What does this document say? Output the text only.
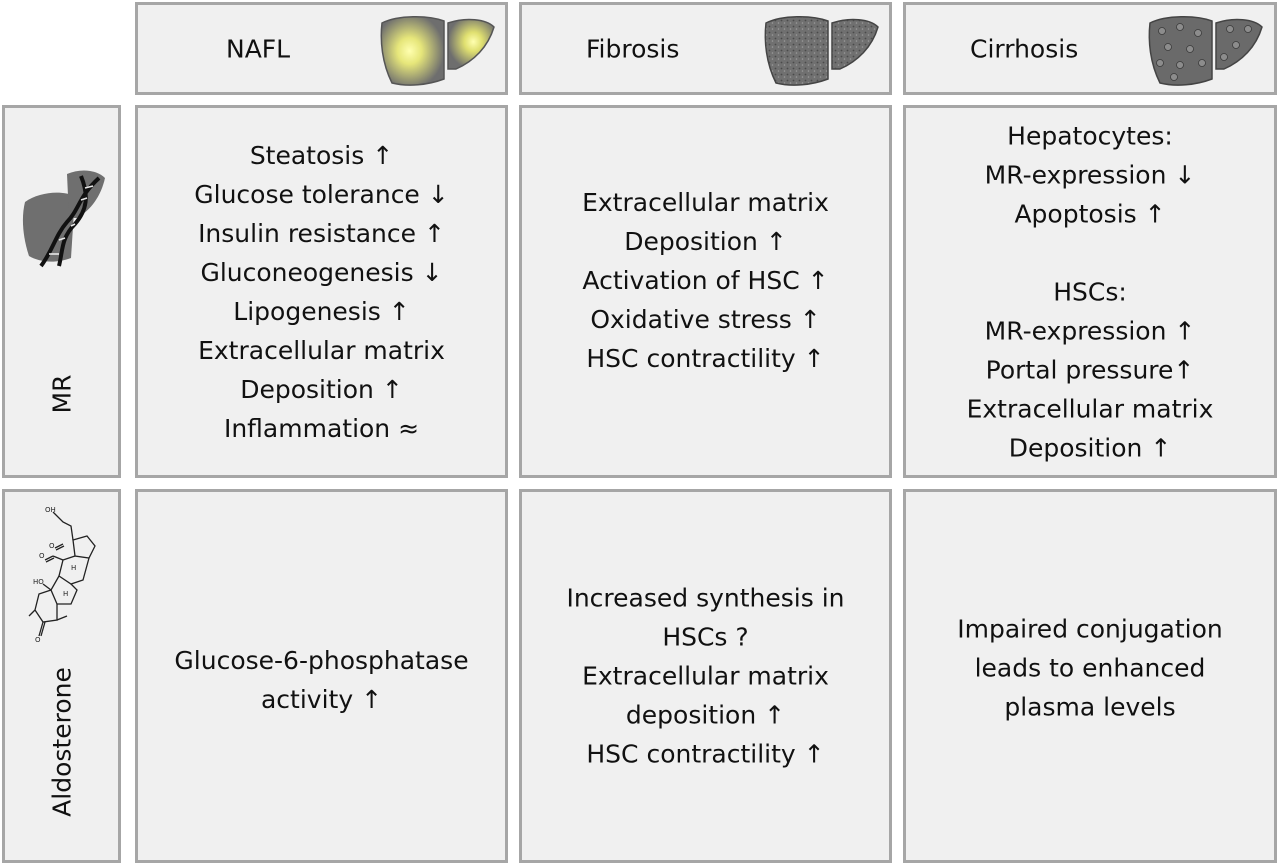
NAFL	Fibrosis	Cirrhosis
MR
Steatosis ↑
Glucose tolerance ↓
Insulin resistance ↑
Gluconeogenesis ↓
Lipogenesis ↑
Extracellular matrix
Deposition ↑
Inflammation ≈
Extracellular matrix
Deposition ↑
Activation of HSC ↑
Oxidative stress ↑
HSC contractility ↑
Hepatocytes:
MR-expression ↓
Apoptosis ↑
HSCs:
MR-expression ↑
Portal pressure↑
Extracellular matrix
Deposition ↑
OH
O
O
HO
H
H
O
Aldosterone
Glucose-6-phosphatase
activity ↑
Increased synthesis in
HSCs ?
Extracellular matrix
deposition ↑
HSC contractility ↑
Impaired conjugation
leads to enhanced
plasma levels
